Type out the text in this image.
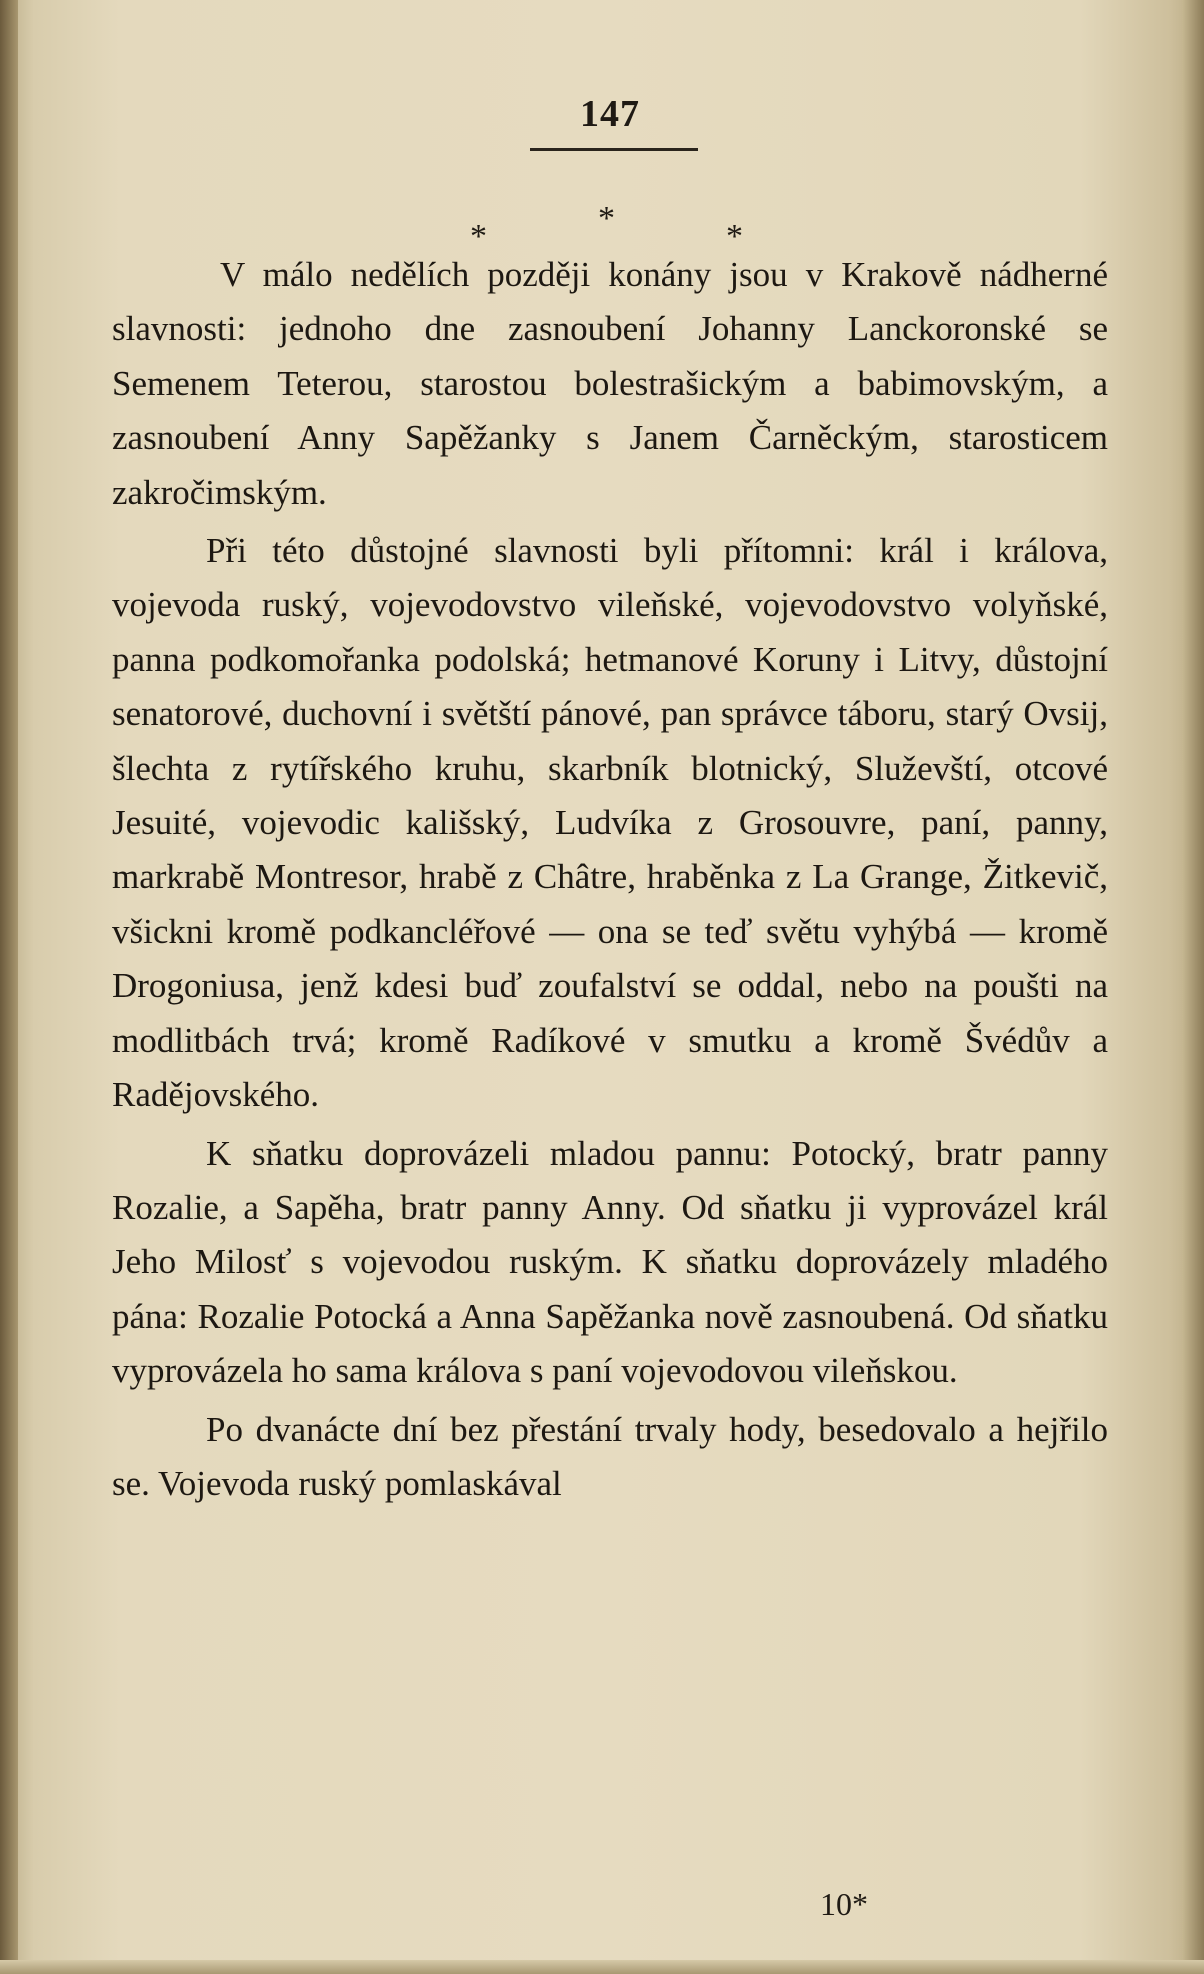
147
*	*	*

V málo nedělích později konány jsou v Krakově nádherné slavnosti: jednoho dne zasnoubení Johanny Lanckoronské se Semenem Teterou, starostou bolestrašickým a babimovským, a zasnoubení Anny Sapěžanky s Janem Čarněckým, starosticem zakročimským.

Při této důstojné slavnosti byli přítomni: král i králova, vojevoda ruský, vojevodovstvo vileňské, vojevodovstvo volyňské, panna podkomořanka podolská; hetmanové Koruny i Litvy, důstojní senatorové, duchovní i světští pánové, pan správce táboru, starý Ovsij, šlechta z rytířského kruhu, skarbník blotnický, Služevští, otcové Jesuité, vojevodic kališský, Ludvíka z Grosouvre, paní, panny, markrabě Montresor, hrabě z Châtre, hraběnka z La Grange, Žitkevič, všickni kromě podkancléřové — ona se teď světu vyhýbá — kromě Drogoniusa, jenž kdesi buď zoufalství se oddal, nebo na poušti na modlitbách trvá; kromě Radíkové v smutku a kromě Švédův a Radějovského.

K sňatku doprovázeli mladou pannu: Potocký, bratr panny Rozalie, a Sapěha, bratr panny Anny. Od sňatku ji vyprovázel král Jeho Milosť s vojevodou ruským. K sňatku doprovázely mladého pána: Rozalie Potocká a Anna Sapěžanka nově zasnoubená. Od sňatku vyprovázela ho sama králova s paní vojevodovou vileňskou.

Po dvanácte dní bez přestání trvaly hody, besedovalo a hejřilo se. Vojevoda ruský pomlaskával

10*
